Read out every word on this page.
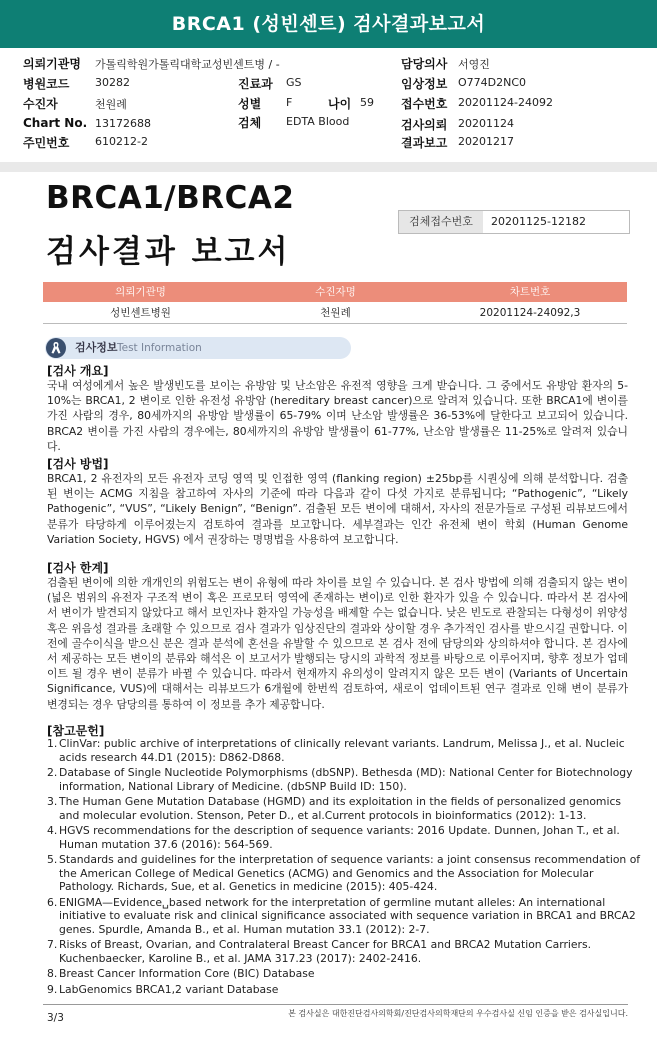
BRCA1 (성빈센트) 검사결과보고서
의뢰기관명 가톨릭학원가톨릭대학교성빈센트병 / -	담당의사 서영진
병원코드 30282	진료과 GS	임상정보 O774D2NC0
수진자	천원례	성별 F	나이 59 접수번호 20201124-24092
Chart No. 13172688	검체 EDTA Blood	검사의뢰 20201124
주민번호 610212-2	결과보고 20201217
BRCA1/BRCA2
검사결과 보고서
검체접수번호	20201125-12182
의뢰기관명	수진자명	차트번호
성빈센트병원	천원례	20201124-24092,3
검사정보 Test Information
[검사 개요]
국내 여성에게서 높은 발생빈도를 보이는 유방암 및 난소암은 유전적 영향을 크게 받습니다. 그 중에서도 유방암 환자의 5-10%는 BRCA1, 2 변이로 인한 유전성 유방암 (hereditary breast cancer)으로 알려져 있습니다. 또한 BRCA1에 변이를 가진 사람의 경우, 80세까지의 유방암 발생률이 65-79% 이며 난소암 발생률은 36-53%에 달한다고 보고되어 있습니다. BRCA2 변이를 가진 사람의 경우에는, 80세까지의 유방암 발생률이 61-77%, 난소암 발생률은 11-25%로 알려져 있습니다.
[검사 방법]
BRCA1, 2 유전자의 모든 유전자 코딩 영역 및 인접한 영역 (flanking region) ±25bp를 시퀀싱에 의해 분석합니다. 검출된 변이는 ACMG 지침을 참고하여 자사의 기준에 따라 다음과 같이 다섯 가지로 분류됩니다; “Pathogenic”, “Likely Pathogenic”, “VUS”, “Likely Benign”, “Benign”. 검출된 모든 변이에 대해서, 자사의 전문가들로 구성된 리뷰보드에서 분류가 타당하게 이루어졌는지 검토하여 결과를 보고합니다. 세부결과는 인간 유전체 변이 학회 (Human Genome Variation Society, HGVS) 에서 권장하는 명명법을 사용하여 보고합니다.
[검사 한계]
검출된 변이에 의한 개개인의 위험도는 변이 유형에 따라 차이를 보일 수 있습니다. 본 검사 방법에 의해 검출되지 않는 변이 (넓은 범위의 유전자 구조적 변이 혹은 프로모터 영역에 존재하는 변이)로 인한 환자가 있을 수 있습니다. 따라서 본 검사에서 변이가 발견되지 않았다고 해서 보인자나 환자일 가능성을 배제할 수는 없습니다. 낮은 빈도로 관찰되는 다형성이 위양성 혹은 위음성 결과를 초래할 수 있으므로 검사 결과가 임상진단의 결과와 상이할 경우 추가적인 검사를 받으시길 권합니다. 이전에 골수이식을 받으신 분은 결과 분석에 혼선을 유발할 수 있으므로 본 검사 전에 담당의와 상의하셔야 합니다. 본 검사에서 제공하는 모든 변이의 분류와 해석은 이 보고서가 발행되는 당시의 과학적 정보를 바탕으로 이루어지며, 향후 정보가 업데이트 될 경우 변이 분류가 바뀔 수 있습니다. 따라서 현재까지 유의성이 알려지지 않은 모든 변이 (Variants of Uncertain Significance, VUS)에 대해서는 리뷰보드가 6개월에 한번씩 검토하여, 새로이 업데이트된 연구 결과로 인해 변이 분류가 변경되는 경우 담당의를 통하여 이 정보를 추가 제공합니다.
[참고문헌]
1. ClinVar: public archive of interpretations of clinically relevant variants. Landrum, Melissa J., et al. Nucleic acids research 44.D1 (2015): D862-D868.
2. Database of Single Nucleotide Polymorphisms (dbSNP). Bethesda (MD): National Center for Biotechnology information, National Library of Medicine. (dbSNP Build ID: 150).
3. The Human Gene Mutation Database (HGMD) and its exploitation in the fields of personalized genomics and molecular evolution. Stenson, Peter D., et al.Current protocols in bioinformatics (2012): 1-13.
4. HGVS recommendations for the description of sequence variants: 2016 Update. Dunnen, Johan T., et al. Human mutation 37.6 (2016): 564-569.
5. Standards and guidelines for the interpretation of sequence variants: a joint consensus recommendation of the American College of Medical Genetics (ACMG) and Genomics and the Association for Molecular Pathology. Richards, Sue, et al. Genetics in medicine (2015): 405-424.
6. ENIGMA—Evidence␣based network for the interpretation of germline mutant alleles: An international initiative to evaluate risk and clinical significance associated with sequence variation in BRCA1 and BRCA2 genes. Spurdle, Amanda B., et al. Human mutation 33.1 (2012): 2-7.
7. Risks of Breast, Ovarian, and Contralateral Breast Cancer for BRCA1 and BRCA2 Mutation Carriers. Kuchenbaecker, Karoline B., et al. JAMA 317.23 (2017): 2402-2416.
8. Breast Cancer Information Core (BIC) Database
9. LabGenomics BRCA1,2 variant Database
본 검사실은 대한진단검사의학회/진단검사의학재단의 우수검사실 신임 인증을 받은 검사실입니다.
3/3
